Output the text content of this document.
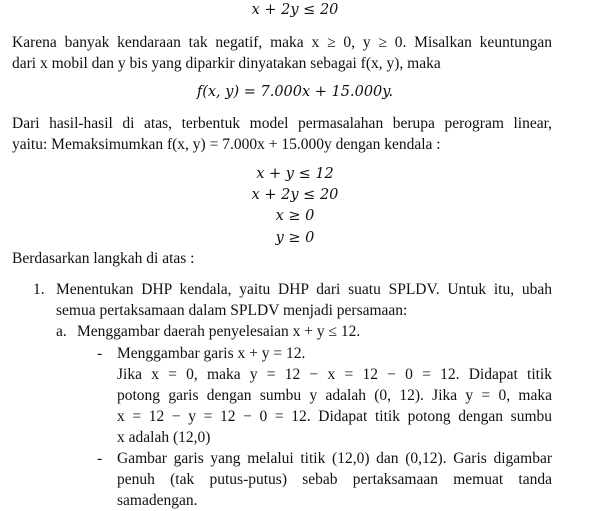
x + 2y ≤ 20
Karena banyak kendaraan tak negatif, maka x ≥ 0, y ≥ 0. Misalkan keuntungan
dari x mobil dan y bis yang diparkir dinyatakan sebagai f(x, y), maka
f(x, y) = 7.000x + 15.000y.
Dari hasil-hasil di atas, terbentuk model permasalahan berupa perogram linear,
yaitu: Memaksimumkan f(x, y) = 7.000x + 15.000y dengan kendala :
x + y ≤ 12
x + 2y ≤ 20
x ≥ 0
y ≥ 0
Berdasarkan langkah di atas :
1. Menentukan DHP kendala, yaitu DHP dari suatu SPLDV. Untuk itu, ubah
semua pertaksamaan dalam SPLDV menjadi persamaan:
a. Menggambar daerah penyelesaian x + y ≤ 12.
- Menggambar garis x + y = 12.
Jika x = 0, maka y = 12 − x = 12 − 0 = 12. Didapat titik
potong garis dengan sumbu y adalah (0, 12). Jika y = 0, maka
x = 12 − y = 12 − 0 = 12. Didapat titik potong dengan sumbu
x adalah (12,0)
- Gambar garis yang melalui titik (12,0) dan (0,12). Garis digambar
penuh (tak putus-putus) sebab pertaksamaan memuat tanda
samadengan.
